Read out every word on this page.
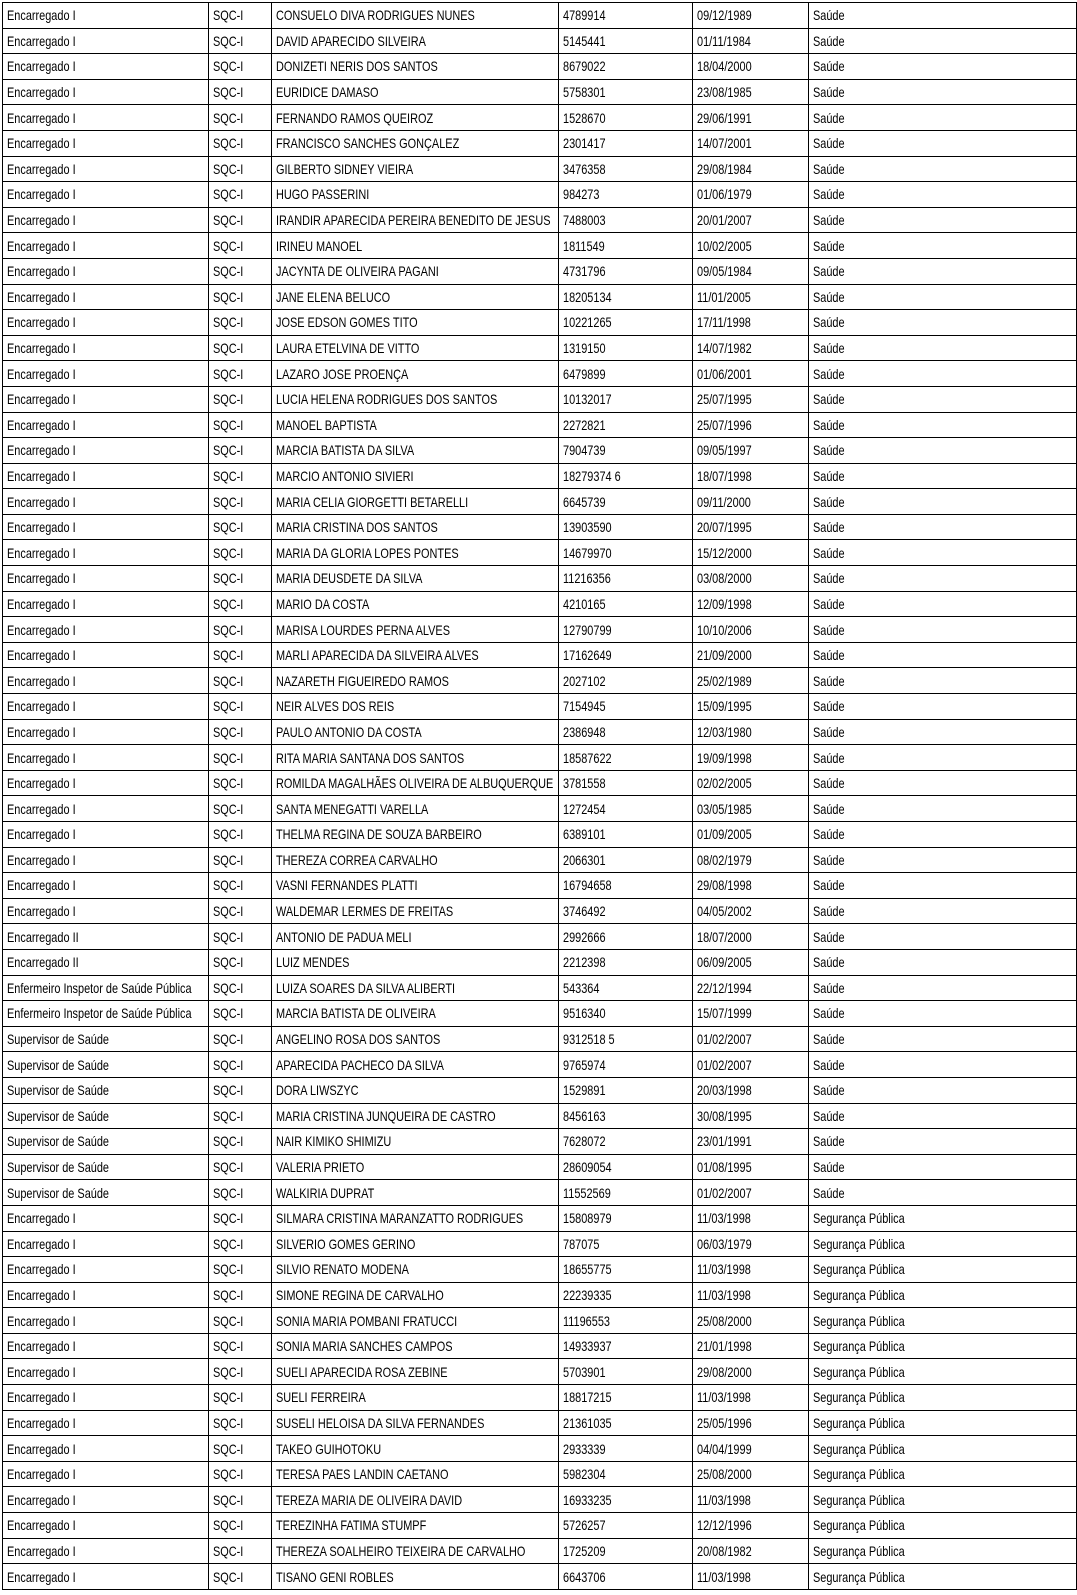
Encarregado I	SQC-I	CONSUELO DIVA RODRIGUES NUNES	4789914	09/12/1989	Saúde
Encarregado I	SQC-I	DAVID APARECIDO SILVEIRA	5145441	01/11/1984	Saúde
Encarregado I	SQC-I	DONIZETI NERIS DOS SANTOS	8679022	18/04/2000	Saúde
Encarregado I	SQC-I	EURIDICE DAMASO	5758301	23/08/1985	Saúde
Encarregado I	SQC-I	FERNANDO RAMOS QUEIROZ	1528670	29/06/1991	Saúde
Encarregado I	SQC-I	FRANCISCO SANCHES GONÇALEZ	2301417	14/07/2001	Saúde
Encarregado I	SQC-I	GILBERTO SIDNEY VIEIRA	3476358	29/08/1984	Saúde
Encarregado I	SQC-I	HUGO PASSERINI	984273	01/06/1979	Saúde
Encarregado I	SQC-I	IRANDIR APARECIDA PEREIRA BENEDITO DE JESUS	7488003	20/01/2007	Saúde
Encarregado I	SQC-I	IRINEU MANOEL	1811549	10/02/2005	Saúde
Encarregado I	SQC-I	JACYNTA DE OLIVEIRA PAGANI	4731796	09/05/1984	Saúde
Encarregado I	SQC-I	JANE ELENA BELUCO	18205134	11/01/2005	Saúde
Encarregado I	SQC-I	JOSE EDSON GOMES TITO	10221265	17/11/1998	Saúde
Encarregado I	SQC-I	LAURA ETELVINA DE VITTO	1319150	14/07/1982	Saúde
Encarregado I	SQC-I	LAZARO JOSE PROENÇA	6479899	01/06/2001	Saúde
Encarregado I	SQC-I	LUCIA HELENA RODRIGUES DOS SANTOS	10132017	25/07/1995	Saúde
Encarregado I	SQC-I	MANOEL BAPTISTA	2272821	25/07/1996	Saúde
Encarregado I	SQC-I	MARCIA BATISTA DA SILVA	7904739	09/05/1997	Saúde
Encarregado I	SQC-I	MARCIO ANTONIO SIVIERI	18279374 6	18/07/1998	Saúde
Encarregado I	SQC-I	MARIA CELIA GIORGETTI BETARELLI	6645739	09/11/2000	Saúde
Encarregado I	SQC-I	MARIA CRISTINA DOS SANTOS	13903590	20/07/1995	Saúde
Encarregado I	SQC-I	MARIA DA GLORIA LOPES PONTES	14679970	15/12/2000	Saúde
Encarregado I	SQC-I	MARIA DEUSDETE DA SILVA	11216356	03/08/2000	Saúde
Encarregado I	SQC-I	MARIO DA COSTA	4210165	12/09/1998	Saúde
Encarregado I	SQC-I	MARISA LOURDES PERNA ALVES	12790799	10/10/2006	Saúde
Encarregado I	SQC-I	MARLI APARECIDA DA SILVEIRA ALVES	17162649	21/09/2000	Saúde
Encarregado I	SQC-I	NAZARETH FIGUEIREDO RAMOS	2027102	25/02/1989	Saúde
Encarregado I	SQC-I	NEIR ALVES DOS REIS	7154945	15/09/1995	Saúde
Encarregado I	SQC-I	PAULO ANTONIO DA COSTA	2386948	12/03/1980	Saúde
Encarregado I	SQC-I	RITA MARIA SANTANA DOS SANTOS	18587622	19/09/1998	Saúde
Encarregado I	SQC-I	ROMILDA MAGALHÃES OLIVEIRA DE ALBUQUERQUE	3781558	02/02/2005	Saúde
Encarregado I	SQC-I	SANTA MENEGATTI VARELLA	1272454	03/05/1985	Saúde
Encarregado I	SQC-I	THELMA REGINA DE SOUZA BARBEIRO	6389101	01/09/2005	Saúde
Encarregado I	SQC-I	THEREZA CORREA CARVALHO	2066301	08/02/1979	Saúde
Encarregado I	SQC-I	VASNI FERNANDES PLATTI	16794658	29/08/1998	Saúde
Encarregado I	SQC-I	WALDEMAR LERMES DE FREITAS	3746492	04/05/2002	Saúde
Encarregado II	SQC-I	ANTONIO DE PADUA MELI	2992666	18/07/2000	Saúde
Encarregado II	SQC-I	LUIZ MENDES	2212398	06/09/2005	Saúde
Enfermeiro Inspetor de Saúde Pública	SQC-I	LUIZA SOARES DA SILVA ALIBERTI	543364	22/12/1994	Saúde
Enfermeiro Inspetor de Saúde Pública	SQC-I	MARCIA BATISTA DE OLIVEIRA	9516340	15/07/1999	Saúde
Supervisor de Saúde	SQC-I	ANGELINO ROSA DOS SANTOS	9312518 5	01/02/2007	Saúde
Supervisor de Saúde	SQC-I	APARECIDA PACHECO DA SILVA	9765974	01/02/2007	Saúde
Supervisor de Saúde	SQC-I	DORA LIWSZYC	1529891	20/03/1998	Saúde
Supervisor de Saúde	SQC-I	MARIA CRISTINA JUNQUEIRA DE CASTRO	8456163	30/08/1995	Saúde
Supervisor de Saúde	SQC-I	NAIR KIMIKO SHIMIZU	7628072	23/01/1991	Saúde
Supervisor de Saúde	SQC-I	VALERIA PRIETO	28609054	01/08/1995	Saúde
Supervisor de Saúde	SQC-I	WALKIRIA DUPRAT	11552569	01/02/2007	Saúde
Encarregado I	SQC-I	SILMARA CRISTINA MARANZATTO RODRIGUES	15808979	11/03/1998	Segurança Pública
Encarregado I	SQC-I	SILVERIO GOMES GERINO	787075	06/03/1979	Segurança Pública
Encarregado I	SQC-I	SILVIO RENATO MODENA	18655775	11/03/1998	Segurança Pública
Encarregado I	SQC-I	SIMONE REGINA DE CARVALHO	22239335	11/03/1998	Segurança Pública
Encarregado I	SQC-I	SONIA MARIA POMBANI FRATUCCI	11196553	25/08/2000	Segurança Pública
Encarregado I	SQC-I	SONIA MARIA SANCHES CAMPOS	14933937	21/01/1998	Segurança Pública
Encarregado I	SQC-I	SUELI APARECIDA ROSA ZEBINE	5703901	29/08/2000	Segurança Pública
Encarregado I	SQC-I	SUELI FERREIRA	18817215	11/03/1998	Segurança Pública
Encarregado I	SQC-I	SUSELI HELOISA DA SILVA FERNANDES	21361035	25/05/1996	Segurança Pública
Encarregado I	SQC-I	TAKEO GUIHOTOKU	2933339	04/04/1999	Segurança Pública
Encarregado I	SQC-I	TERESA PAES LANDIN CAETANO	5982304	25/08/2000	Segurança Pública
Encarregado I	SQC-I	TEREZA MARIA DE OLIVEIRA DAVID	16933235	11/03/1998	Segurança Pública
Encarregado I	SQC-I	TEREZINHA FATIMA STUMPF	5726257	12/12/1996	Segurança Pública
Encarregado I	SQC-I	THEREZA SOALHEIRO TEIXEIRA DE CARVALHO	1725209	20/08/1982	Segurança Pública
Encarregado I	SQC-I	TISANO GENI ROBLES	6643706	11/03/1998	Segurança Pública
